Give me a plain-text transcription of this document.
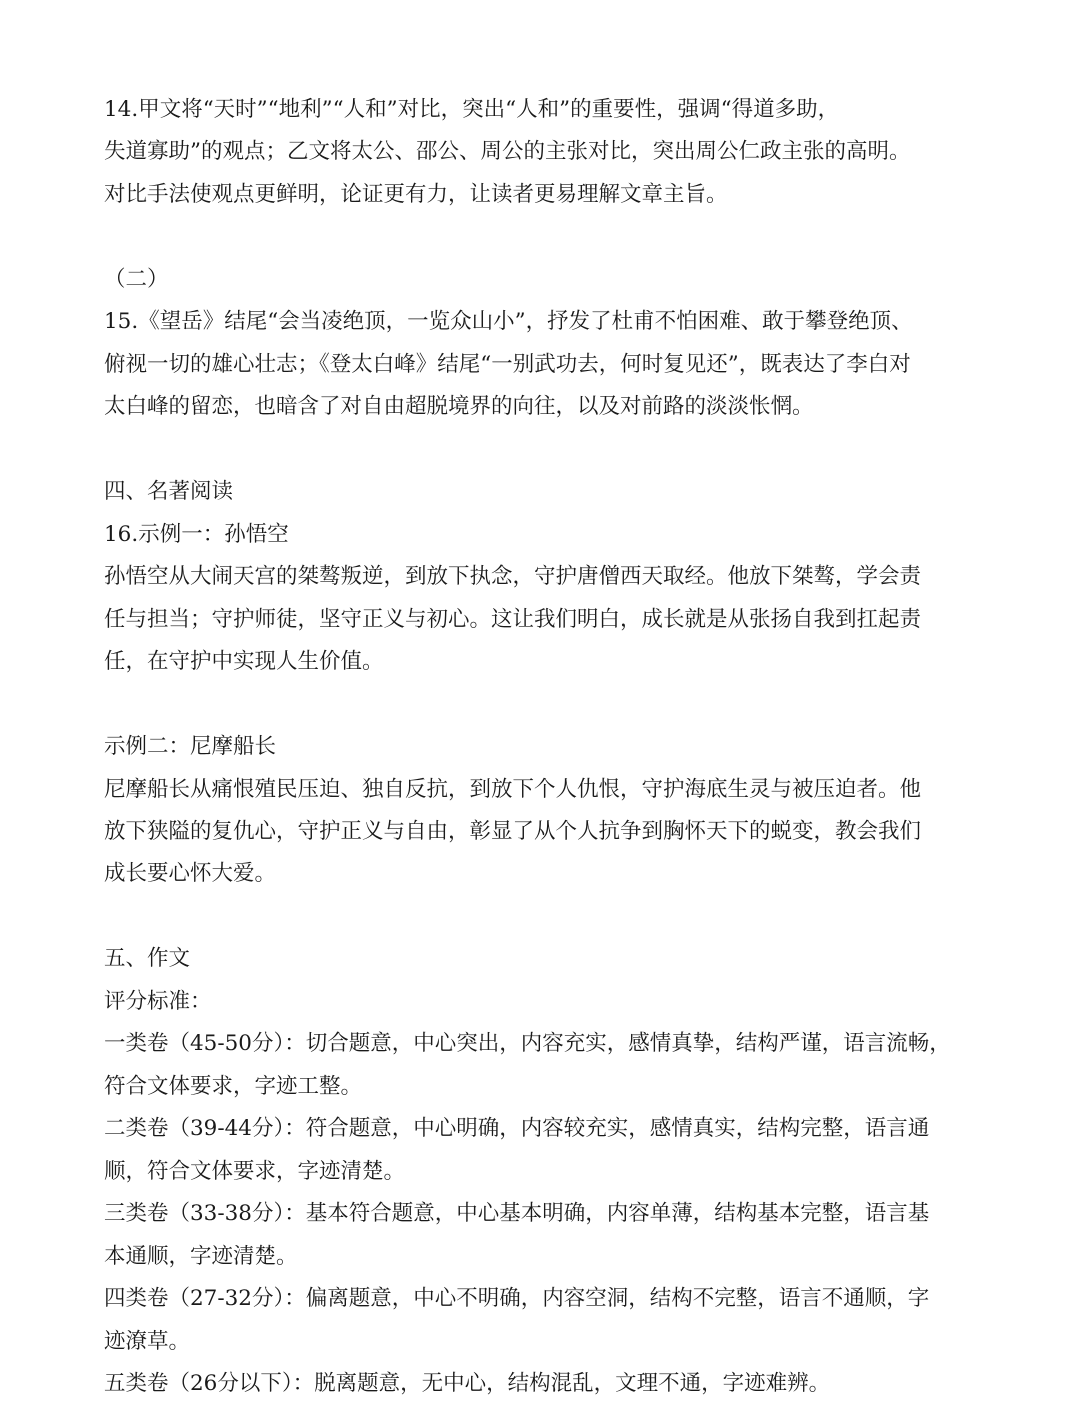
14.甲文将“天时”“地利”“人和”对比，突出“人和”的重要性，强调“得道多助，
失道寡助”的观点；乙文将太公、邵公、周公的主张对比，突出周公仁政主张的高明。
对比手法使观点更鲜明，论证更有力，让读者更易理解文章主旨。
（二）
15.《望岳》结尾“会当凌绝顶，一览众山小”，抒发了杜甫不怕困难、敢于攀登绝顶、
俯视一切的雄心壮志；《登太白峰》结尾“一别武功去，何时复见还”，既表达了李白对
太白峰的留恋，也暗含了对自由超脱境界的向往，以及对前路的淡淡怅惘。
四、名著阅读
16.示例一：孙悟空
孙悟空从大闹天宫的桀骜叛逆，到放下执念，守护唐僧西天取经。他放下桀骜，学会责
任与担当；守护师徒，坚守正义与初心。这让我们明白，成长就是从张扬自我到扛起责
任，在守护中实现人生价值。
示例二：尼摩船长
尼摩船长从痛恨殖民压迫、独自反抗，到放下个人仇恨，守护海底生灵与被压迫者。他
放下狭隘的复仇心，守护正义与自由，彰显了从个人抗争到胸怀天下的蜕变，教会我们
成长要心怀大爱。
五、作文
评分标准：
一类卷（45-50分）：切合题意，中心突出，内容充实，感情真挚，结构严谨，语言流畅，
符合文体要求，字迹工整。
二类卷（39-44分）：符合题意，中心明确，内容较充实，感情真实，结构完整，语言通
顺，符合文体要求，字迹清楚。
三类卷（33-38分）：基本符合题意，中心基本明确，内容单薄，结构基本完整，语言基
本通顺，字迹清楚。
四类卷（27-32分）：偏离题意，中心不明确，内容空洞，结构不完整，语言不通顺，字
迹潦草。
五类卷（26分以下）：脱离题意，无中心，结构混乱，文理不通，字迹难辨。
